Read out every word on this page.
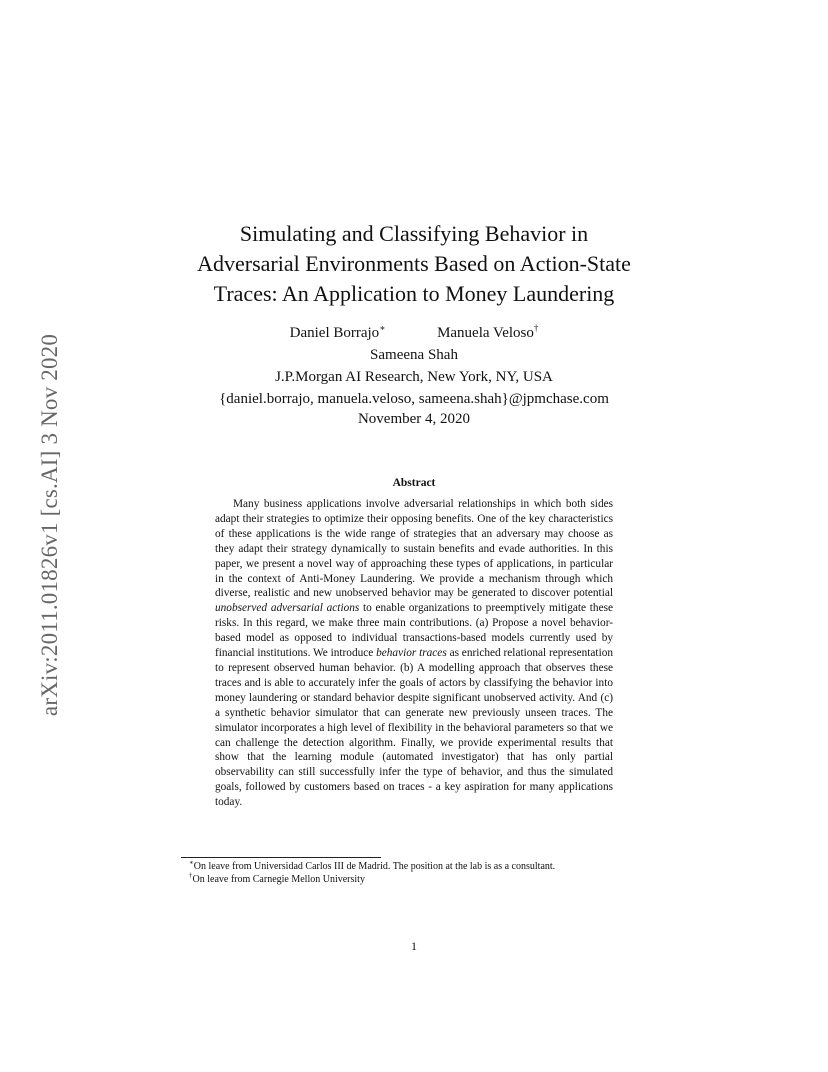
arXiv:2011.01826v1 [cs.AI] 3 Nov 2020
Simulating and Classifying Behavior in
Adversarial Environments Based on Action-State
Traces: An Application to Money Laundering
Daniel Borrajo∗	Manuela Veloso†
Sameena Shah
J.P.Morgan AI Research, New York, NY, USA
{daniel.borrajo, manuela.veloso, sameena.shah}@jpmchase.com
November 4, 2020
Abstract

Many business applications involve adversarial relationships in which both sides adapt their strategies to optimize their opposing benefits. One of the key characteristics of these applications is the wide range of strategies that an adversary may choose as they adapt their strategy dynamically to sustain benefits and evade authorities. In this paper, we present a novel way of approaching these types of applications, in particular in the context of Anti-Money Laundering. We provide a mechanism through which diverse, realistic and new unobserved behavior may be generated to discover potential unobserved adversarial actions to enable organizations to preemptively mitigate these risks. In this regard, we make three main contributions. (a) Propose a novel behavior-based model as opposed to individual transactions-based models currently used by financial institutions. We introduce behavior traces as enriched relational representation to represent observed human behavior. (b) A modelling approach that observes these traces and is able to accurately infer the goals of actors by classifying the behavior into money laundering or standard behavior despite significant unobserved activity. And (c) a synthetic behavior simulator that can generate new previously unseen traces. The simulator incorporates a high level of flexibility in the behavioral parameters so that we can challenge the detection algorithm. Finally, we provide experimental results that show that the learning module (automated investigator) that has only partial observability can still successfully infer the type of behavior, and thus the simulated goals, followed by customers based on traces - a key aspiration for many applications today.

∗On leave from Universidad Carlos III de Madrid. The position at the lab is as a consultant.
†On leave from Carnegie Mellon University
1
